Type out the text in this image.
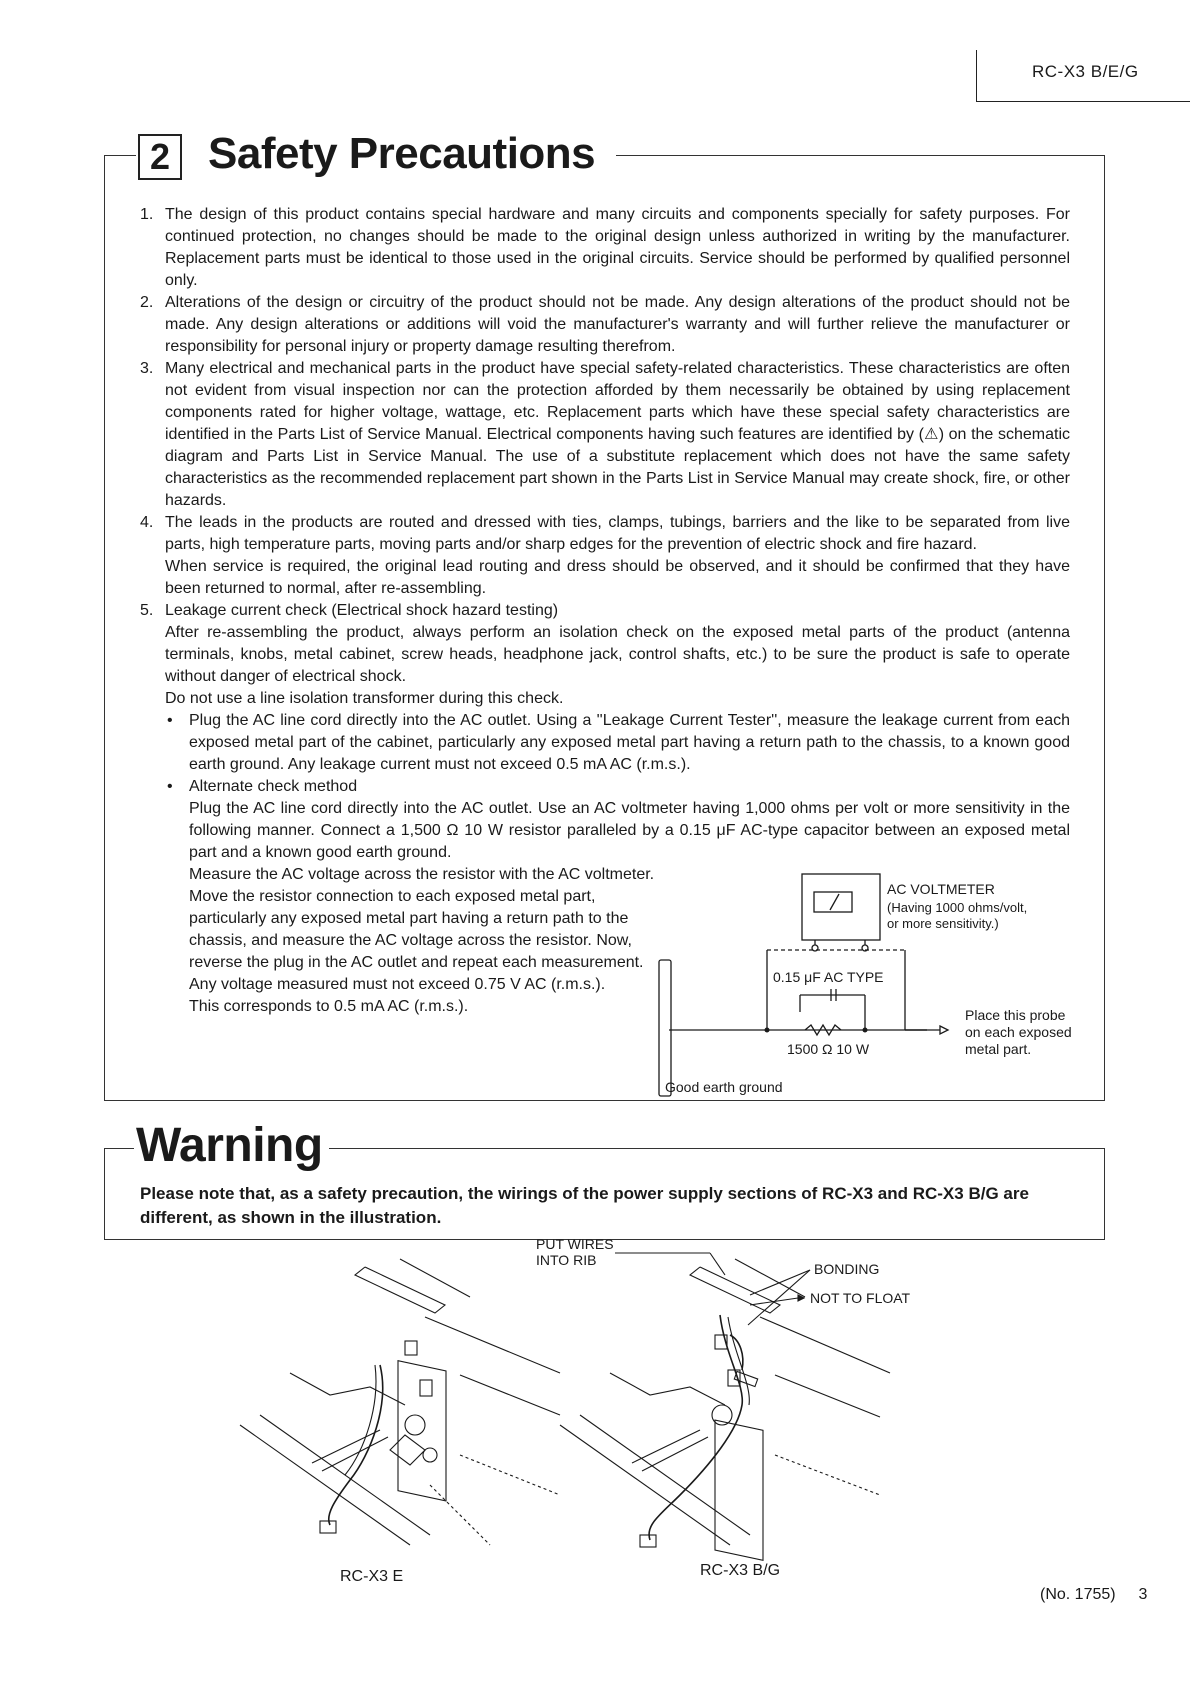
RC-X3 B/E/G
2 Safety Precautions
1. The design of this product contains special hardware and many circuits and components specially for safety purposes. For continued protection, no changes should be made to the original design unless authorized in writing by the manufacturer. Replacement parts must be identical to those used in the original circuits. Service should be performed by qualified personnel only.

2. Alterations of the design or circuitry of the product should not be made. Any design alterations of the product should not be made. Any design alterations or additions will void the manufacturer's warranty and will further relieve the manufacturer or responsibility for personal injury or property damage resulting therefrom.

3. Many electrical and mechanical parts in the product have special safety-related characteristics. These characteristics are often not evident from visual inspection nor can the protection afforded by them necessarily be obtained by using replacement components rated for higher voltage, wattage, etc. Replacement parts which have these special safety characteristics are identified in the Parts List of Service Manual. Electrical components having such features are identified by (⚠) on the schematic diagram and Parts List in Service Manual. The use of a substitute replacement which does not have the same safety characteristics as the recommended replacement part shown in the Parts List in Service Manual may create shock, fire, or other hazards.

4. The leads in the products are routed and dressed with ties, clamps, tubings, barriers and the like to be separated from live parts, high temperature parts, moving parts and/or sharp edges for the prevention of electric shock and fire hazard.

When service is required, the original lead routing and dress should be observed, and it should be confirmed that they have been returned to normal, after re-assembling.

5. Leakage current check (Electrical shock hazard testing)

After re-assembling the product, always perform an isolation check on the exposed metal parts of the product (antenna terminals, knobs, metal cabinet, screw heads, headphone jack, control shafts, etc.) to be sure the product is safe to operate without danger of electrical shock.

Do not use a line isolation transformer during this check.

• Plug the AC line cord directly into the AC outlet. Using a ''Leakage Current Tester'', measure the leakage current from each exposed metal part of the cabinet, particularly any exposed metal part having a return path to the chassis, to a known good earth ground. Any leakage current must not exceed 0.5 mA AC (r.m.s.).

• Alternate check method

Plug the AC line cord directly into the AC outlet. Use an AC voltmeter having 1,000 ohms per volt or more sensitivity in the following manner. Connect a 1,500 Ω 10 W resistor paralleled by a 0.15 μF AC-type capacitor between an exposed metal part and a known good earth ground.

Measure the AC voltage across the resistor with the AC voltmeter.

Move the resistor connection to each exposed metal part, particularly any exposed metal part having a return path to the chassis, and measure the AC voltage across the resistor. Now, reverse the plug in the AC outlet and repeat each measurement. Any voltage measured must not exceed 0.75 V AC (r.m.s.).

This corresponds to 0.5 mA AC (r.m.s.).

AC VOLTMETER
(Having 1000 ohms/volt,
or more sensitivity.)
0.15 μF AC TYPE
1500 Ω 10 W
Place this probe
on each exposed
metal part.
Good earth ground
Warning
Please note that, as a safety precaution, the wirings of the power supply sections of RC-X3 and RC-X3 B/G are different, as shown in the illustration.
PUT WIRES
INTO RIB
BONDING
NOT TO FLOAT
RC-X3 E	RC-X3 B/G
(No. 1755) 3
